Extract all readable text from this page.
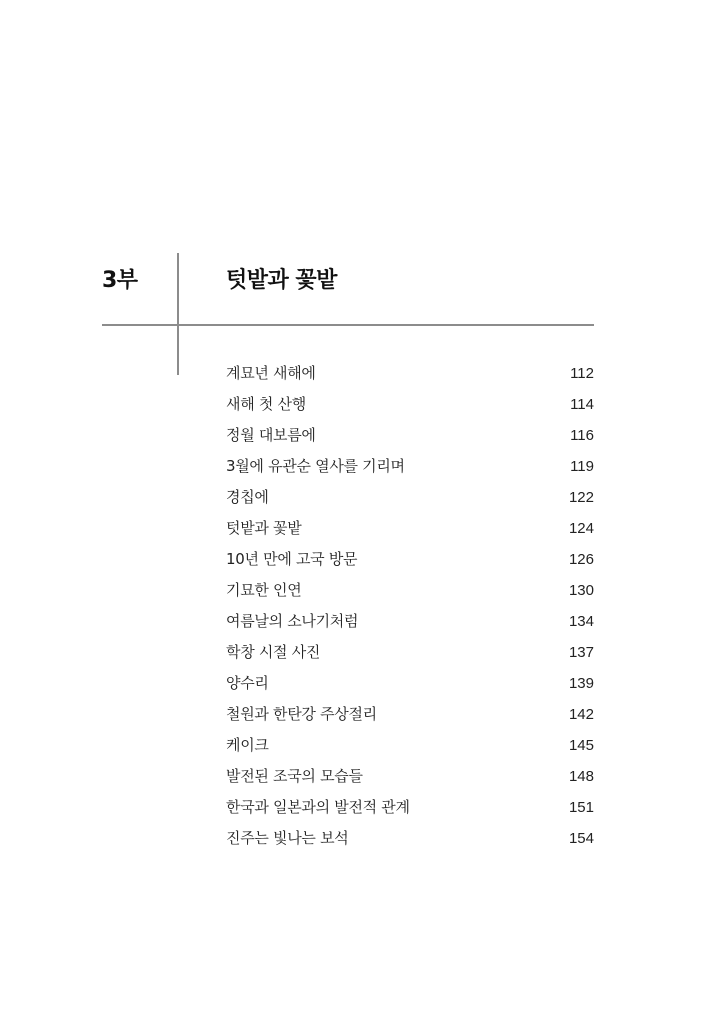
3부	텃밭과 꽃밭
계묘년 새해에	112
새해 첫 산행	114
정월 대보름에	116
3월에 유관순 열사를 기리며	119
경칩에	122
텃밭과 꽃밭	124
10년 만에 고국 방문	126
기묘한 인연	130
여름날의 소나기처럼	134
학창 시절 사진	137
양수리	139
철원과 한탄강 주상절리	142
케이크	145
발전된 조국의 모습들	148
한국과 일본과의 발전적 관계	151
진주는 빛나는 보석	154
